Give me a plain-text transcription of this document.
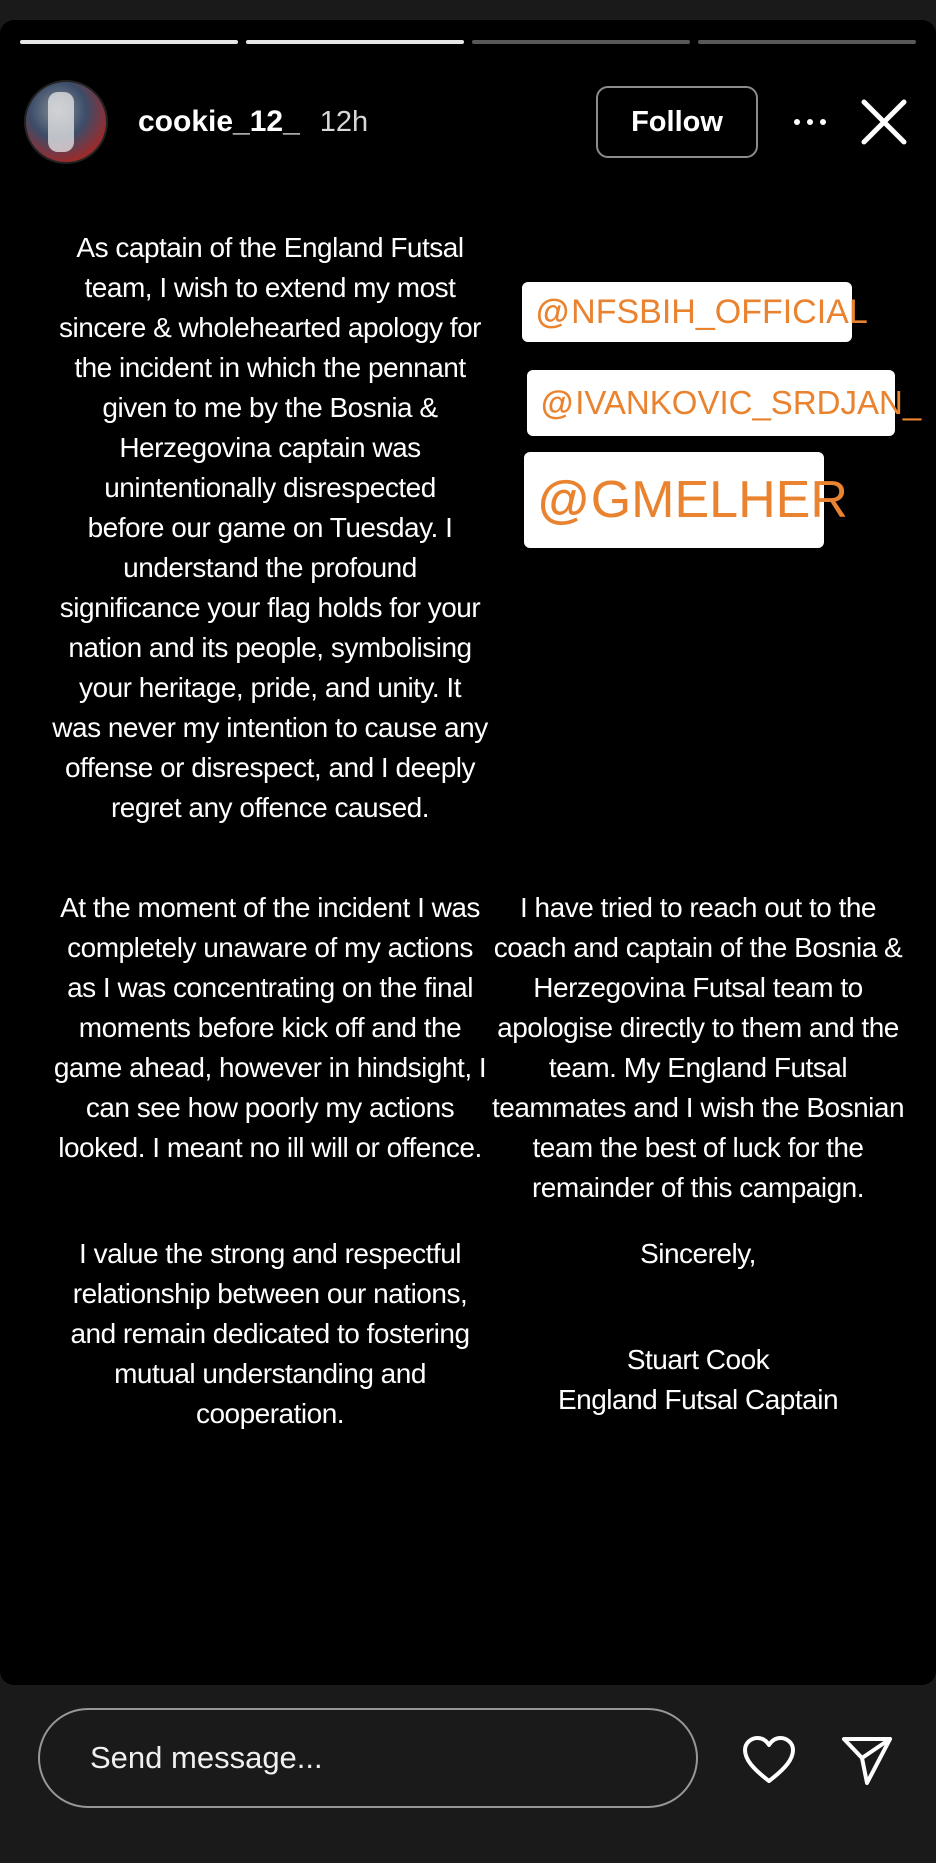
cookie_12_ 12h	Follow

As captain of the England Futsal

team, I wish to extend my most

sincere & wholehearted apology for

the incident in which the pennant

given to me by the Bosnia &

Herzegovina captain was

unintentionally disrespected

before our game on Tuesday. I

understand the profound

significance your flag holds for your

nation and its people, symbolising

your heritage, pride, and unity. It

was never my intention to cause any

offense or disrespect, and I deeply

regret any offence caused.

@ NFSBIH_OFFICIAL
@ IVANKOVIC_SRDJAN_
@ GMELHER

At the moment of the incident I was

completely unaware of my actions

as I was concentrating on the final

moments before kick off and the

game ahead, however in hindsight, I

can see how poorly my actions

looked. I meant no ill will or offence.

I value the strong and respectful

relationship between our nations,

and remain dedicated to fostering

mutual understanding and

cooperation.

I have tried to reach out to the

coach and captain of the Bosnia &

Herzegovina Futsal team to

apologise directly to them and the

team. My England Futsal

teammates and I wish the Bosnian

team the best of luck for the

remainder of this campaign.

Sincerely,

Stuart Cook

England Futsal Captain

Send message...
